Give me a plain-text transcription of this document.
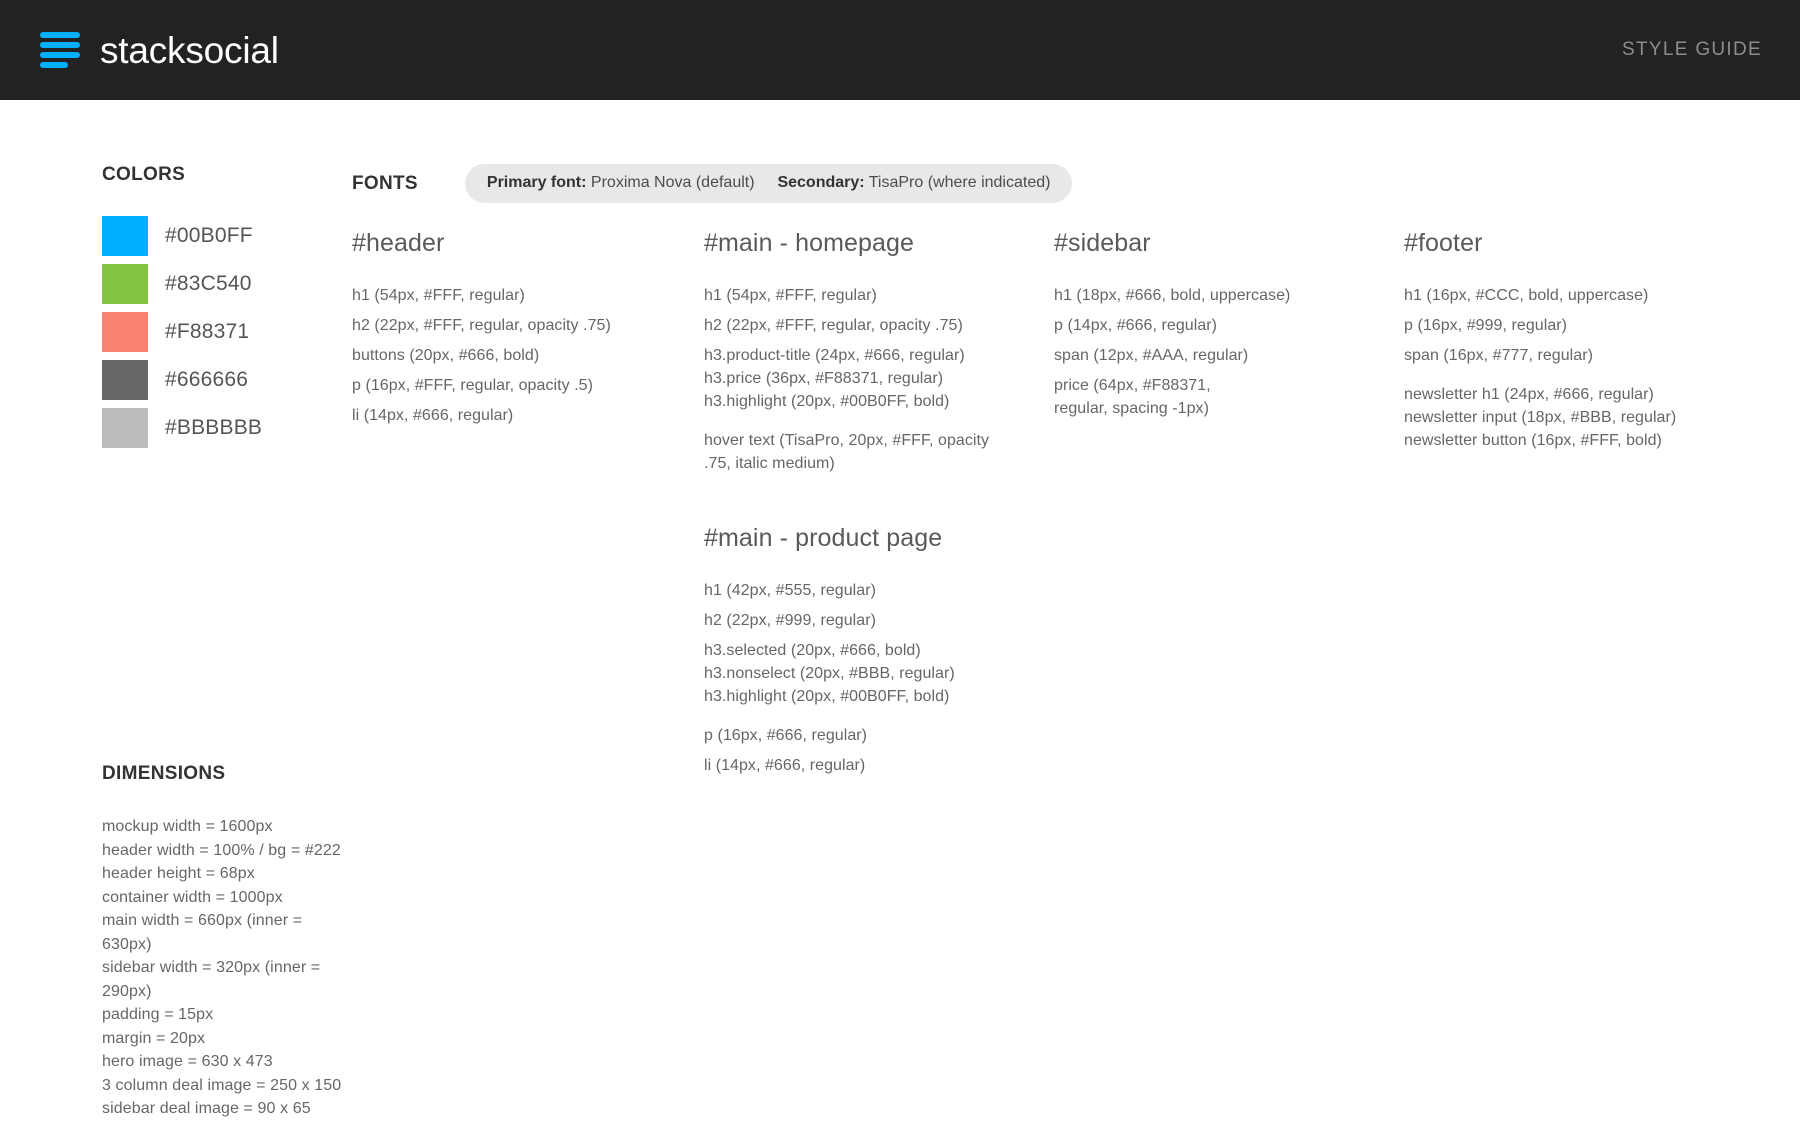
stacksocial	STYLE GUIDE
COLORS
#00B0FF
#83C540
#F88371
#666666
#BBBBBB
DIMENSIONS
mockup width = 1600px
header width = 100% / bg = #222
header height = 68px
container width = 1000px
main width = 660px (inner = 630px)
sidebar width = 320px (inner = 290px)
padding = 15px
margin = 20px
hero image = 630 x 473
3 column deal image = 250 x 150
sidebar deal image = 90 x 65
FONTS	Primary font: Proxima Nova (default) Secondary: TisaPro (where indicated)
#header
h1 (54px, #FFF, regular)
h2 (22px, #FFF, regular, opacity .75)
buttons (20px, #666, bold)
p (16px, #FFF, regular, opacity .5)
li (14px, #666, regular)
#main - homepage
h1 (54px, #FFF, regular)
h2 (22px, #FFF, regular, opacity .75)
h3.product-title (24px, #666, regular)
h3.price (36px, #F88371, regular)
h3.highlight (20px, #00B0FF, bold)
hover text (TisaPro, 20px, #FFF, opacity .75, italic medium)
#main - product page
h1 (42px, #555, regular)
h2 (22px, #999, regular)
h3.selected (20px, #666, bold)
h3.nonselect (20px, #BBB, regular)
h3.highlight (20px, #00B0FF, bold)
p (16px, #666, regular)
li (14px, #666, regular)
#sidebar
h1 (18px, #666, bold, uppercase)
p (14px, #666, regular)
span (12px, #AAA, regular)
price (64px, #F88371, regular, spacing -1px)
#footer
h1 (16px, #CCC, bold, uppercase)
p (16px, #999, regular)
span (16px, #777, regular)
newsletter h1 (24px, #666, regular)
newsletter input (18px, #BBB, regular)
newsletter button (16px, #FFF, bold)
